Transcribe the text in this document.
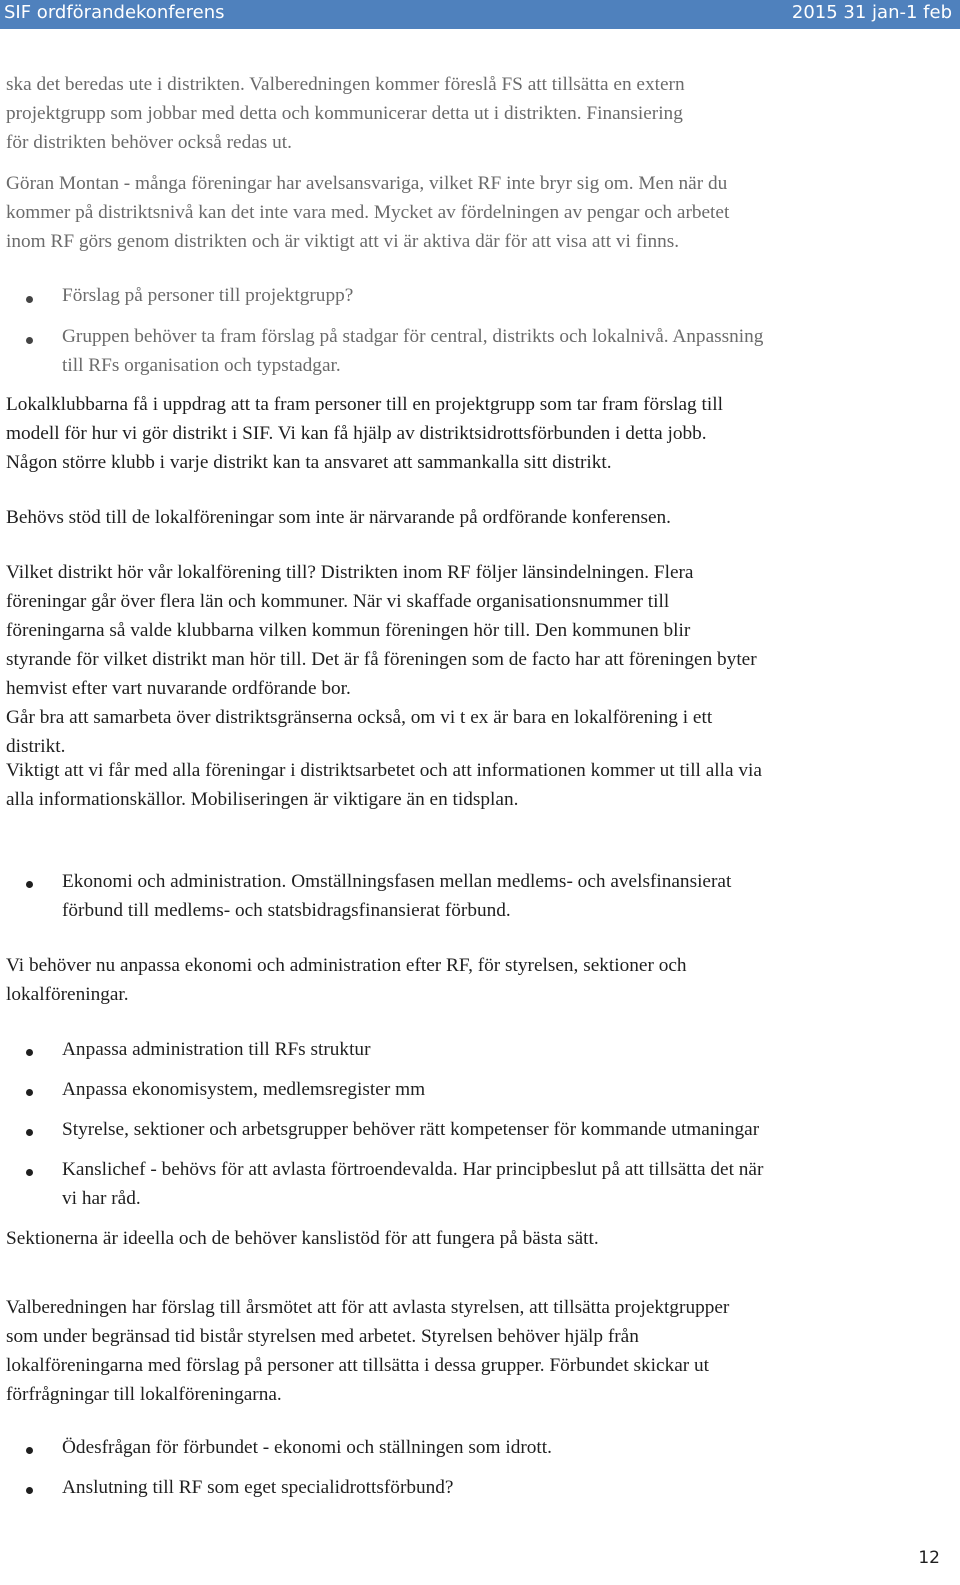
SIF ordförandekonferens	2015 31 jan-1 feb
ska det beredas ute i distrikten. Valberedningen kommer föreslå FS att tillsätta en extern
projektgrupp som jobbar med detta och kommunicerar detta ut i distrikten. Finansiering
för distrikten behöver också redas ut.
Göran Montan - många föreningar har avelsansvariga, vilket RF inte bryr sig om. Men när du
kommer på distriktsnivå kan det inte vara med. Mycket av fördelningen av pengar och arbetet
inom RF görs genom distrikten och är viktigt att vi är aktiva där för att visa att vi finns.
Förslag på personer till projektgrupp?
Gruppen behöver ta fram förslag på stadgar för central, distrikts och lokalnivå. Anpassning
till RFs organisation och typstadgar.
Lokalklubbarna få i uppdrag att ta fram personer till en projektgrupp som tar fram förslag till
modell för hur vi gör distrikt i SIF. Vi kan få hjälp av distriktsidrottsförbunden i detta jobb.
Någon större klubb i varje distrikt kan ta ansvaret att sammankalla sitt distrikt.
Behövs stöd till de lokalföreningar som inte är närvarande på ordförande konferensen.
Vilket distrikt hör vår lokalförening till? Distrikten inom RF följer länsindelningen. Flera
föreningar går över flera län och kommuner. När vi skaffade organisationsnummer till
föreningarna så valde klubbarna vilken kommun föreningen hör till. Den kommunen blir
styrande för vilket distrikt man hör till. Det är få föreningen som de facto har att föreningen byter
hemvist efter vart nuvarande ordförande bor.
Går bra att samarbeta över distriktsgränserna också, om vi t ex är bara en lokalförening i ett
distrikt.
Viktigt att vi får med alla föreningar i distriktsarbetet och att informationen kommer ut till alla via
alla informationskällor. Mobiliseringen är viktigare än en tidsplan.
Ekonomi och administration. Omställningsfasen mellan medlems- och avelsfinansierat
förbund till medlems- och statsbidragsfinansierat förbund.
Vi behöver nu anpassa ekonomi och administration efter RF, för styrelsen, sektioner och
lokalföreningar.
Anpassa administration till RFs struktur
Anpassa ekonomisystem, medlemsregister mm
Styrelse, sektioner och arbetsgrupper behöver rätt kompetenser för kommande utmaningar
Kanslichef - behövs för att avlasta förtroendevalda. Har principbeslut på att tillsätta det när
vi har råd.
Sektionerna är ideella och de behöver kanslistöd för att fungera på bästa sätt.
Valberedningen har förslag till årsmötet att för att avlasta styrelsen, att tillsätta projektgrupper
som under begränsad tid bistår styrelsen med arbetet. Styrelsen behöver hjälp från
lokalföreningarna med förslag på personer att tillsätta i dessa grupper. Förbundet skickar ut
förfrågningar till lokalföreningarna.
Ödesfrågan för förbundet - ekonomi och ställningen som idrott.
Anslutning till RF som eget specialidrottsförbund?
12
